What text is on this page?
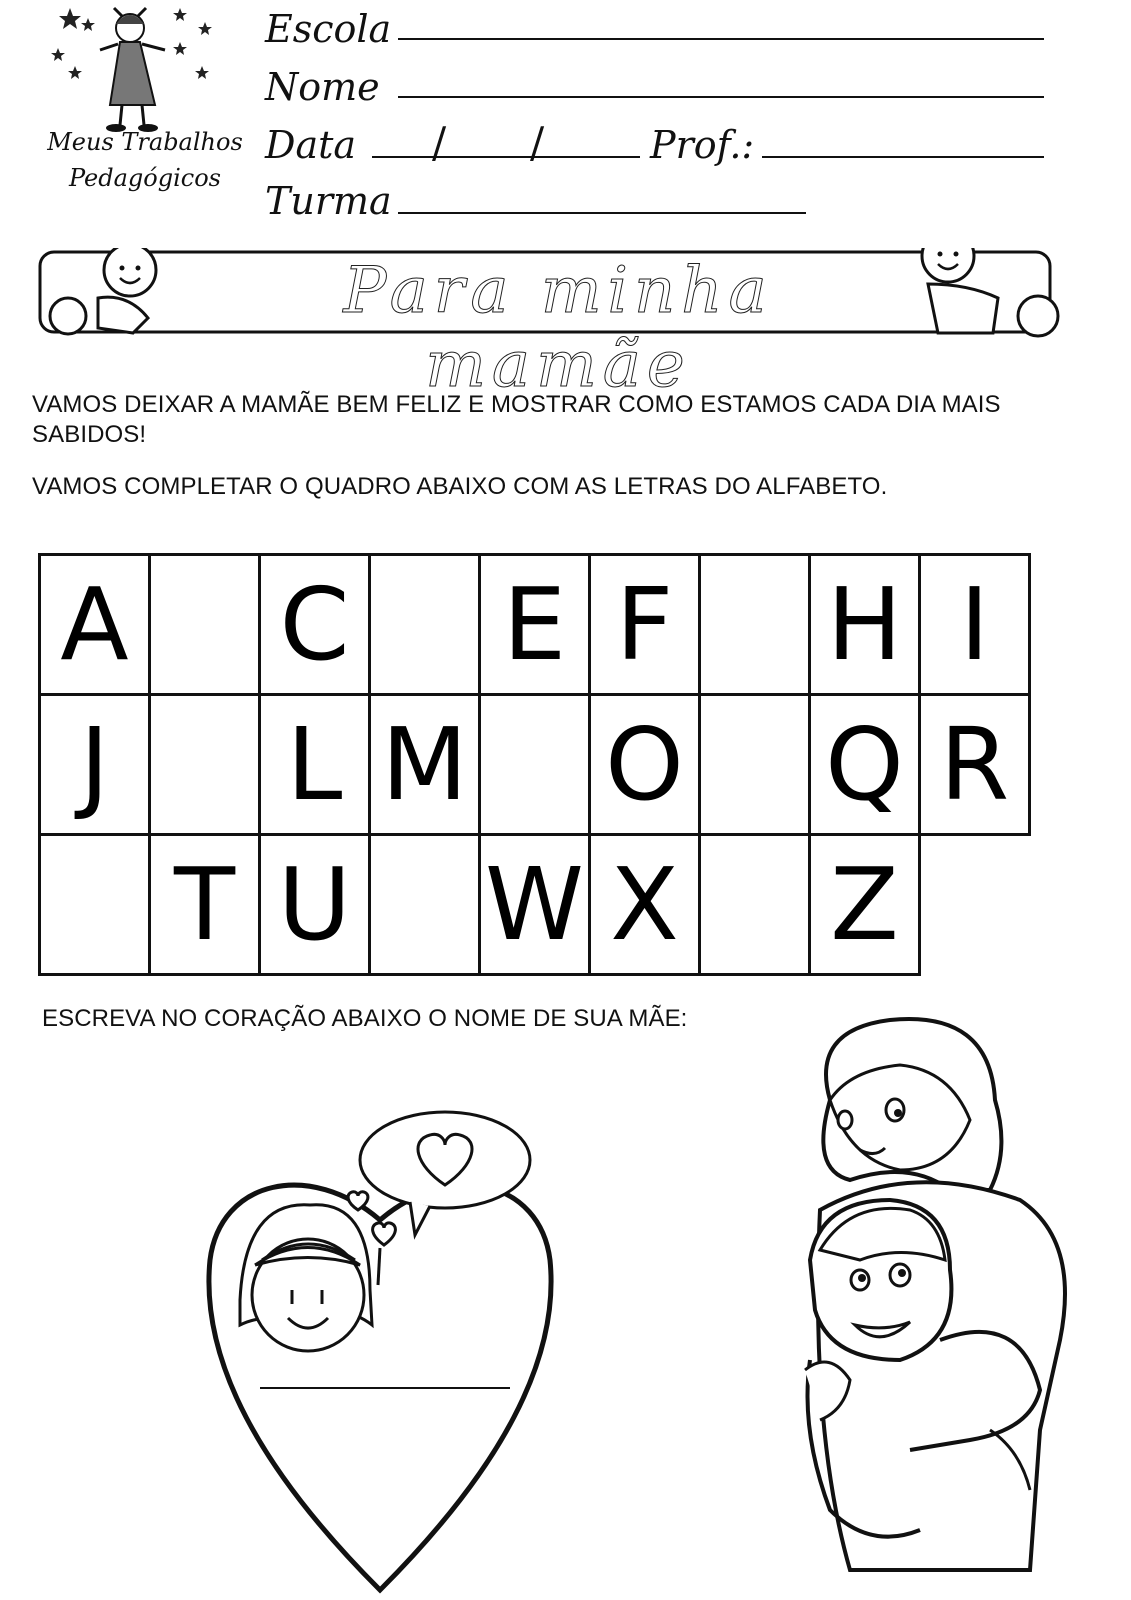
Meus Trabalhos
Pedagógicos
Escola
Nome
Data / /	Prof.:
Turma
Para minha mamãe
VAMOS DEIXAR A MAMÃE BEM FELIZ E MOSTRAR COMO ESTAMOS CADA DIA MAIS SABIDOS!
VAMOS COMPLETAR O QUADRO ABAIXO COM AS LETRAS DO ALFABETO.
A C E F H I
J L M O Q R
T U W X Z
ESCREVA NO CORAÇÃO ABAIXO O NOME DE SUA MÃE:
